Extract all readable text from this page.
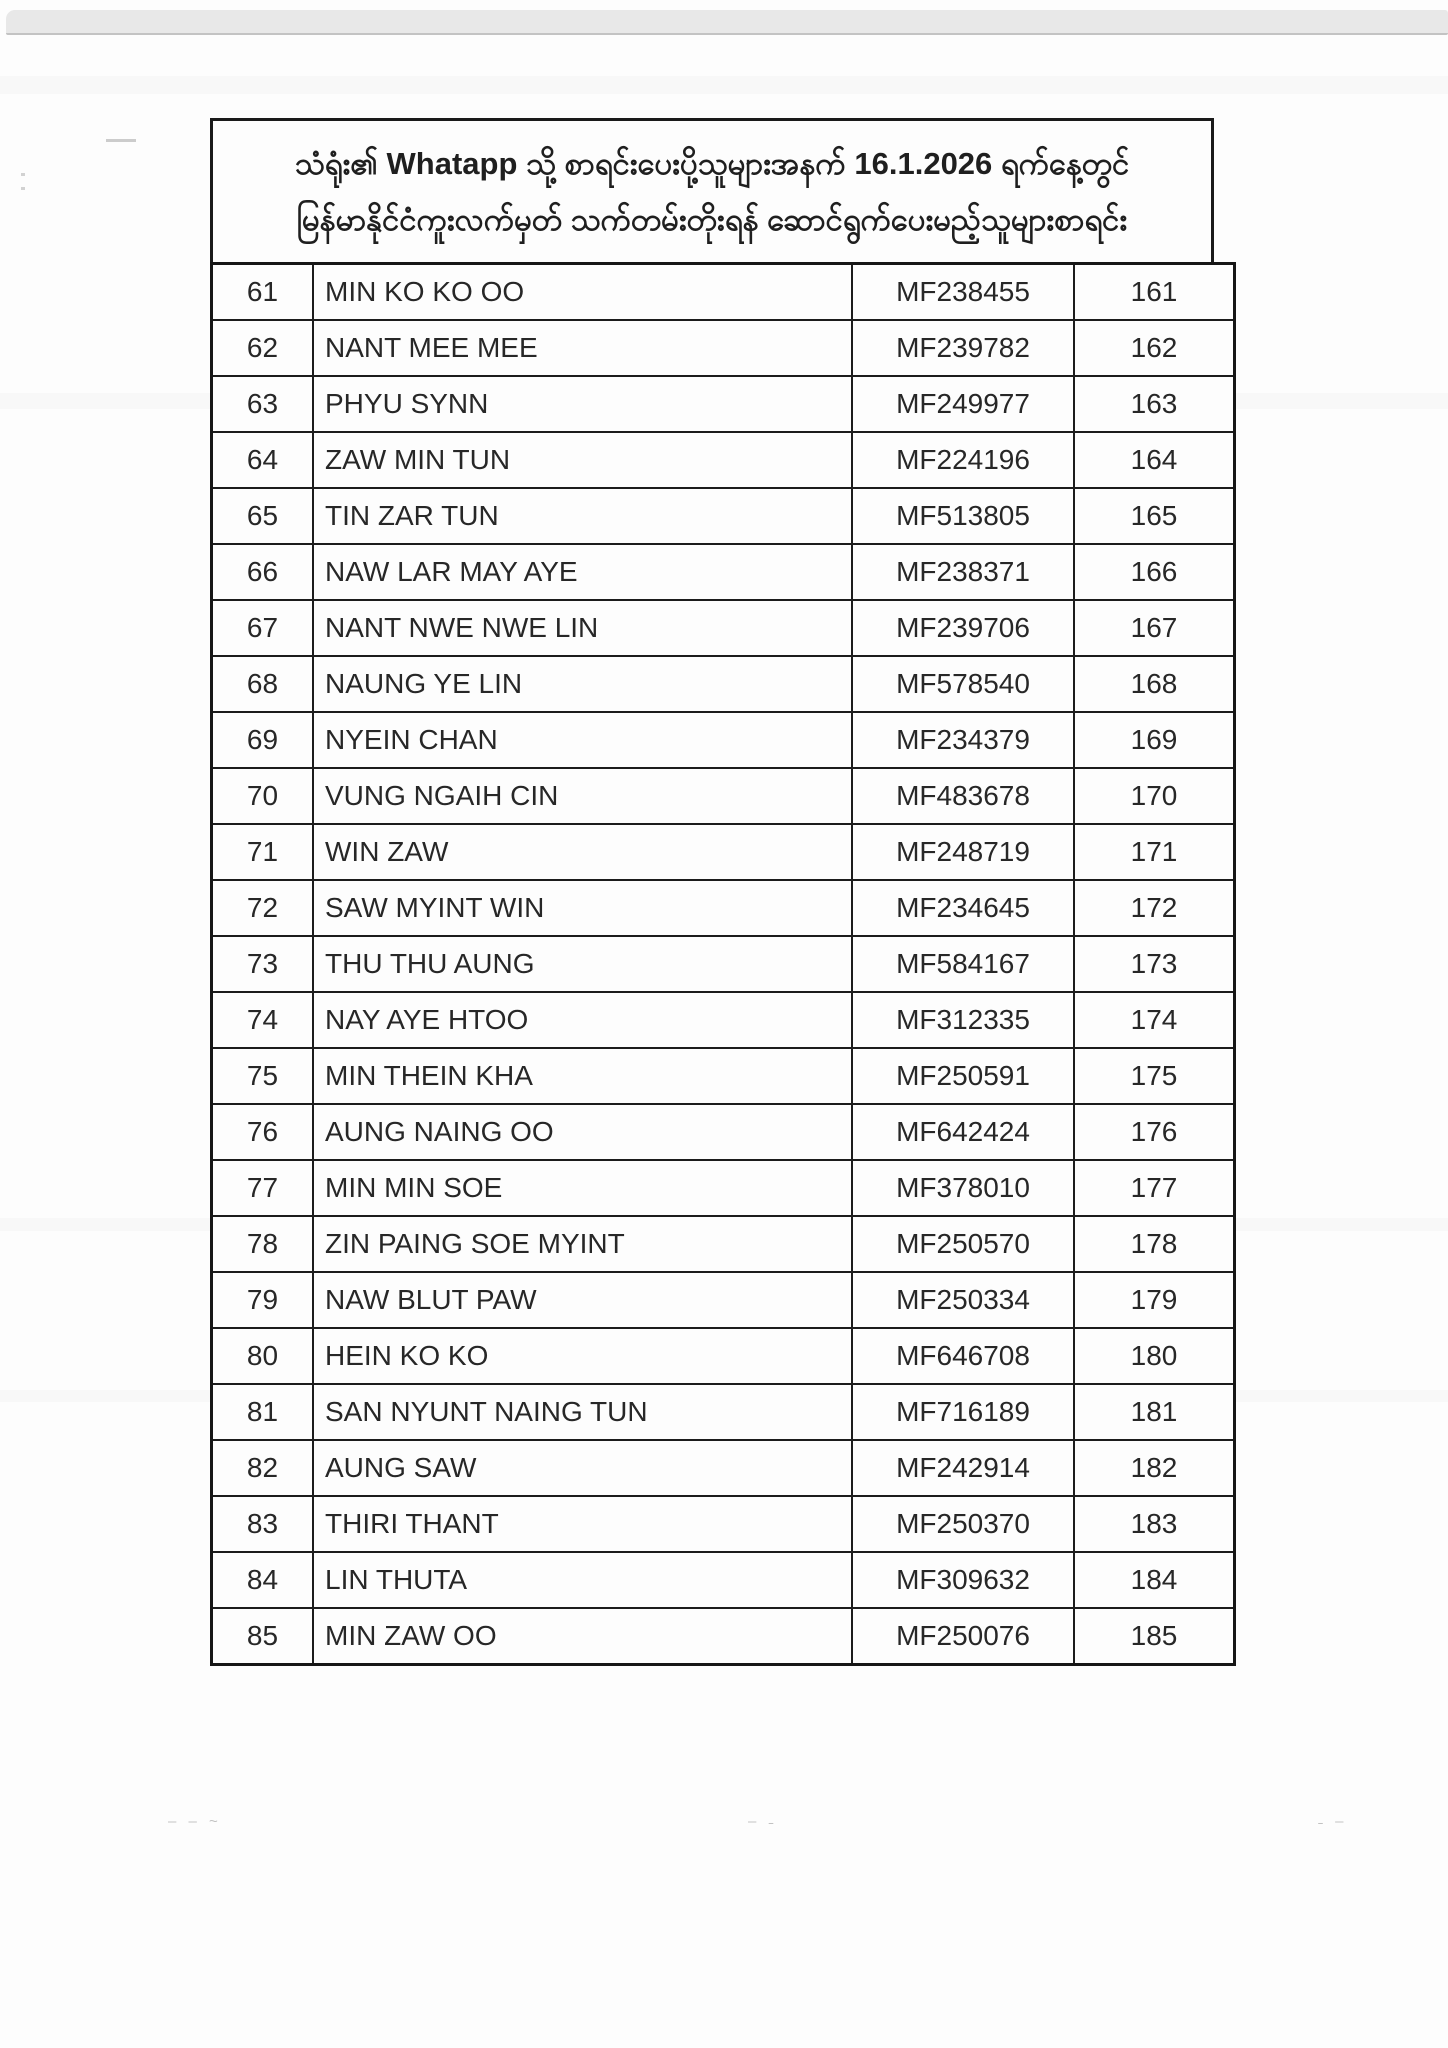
သံရုံး၏ Whatapp သို့ စာရင်းပေးပို့သူများအနက် 16.1.2026 ရက်နေ့တွင်
မြန်မာနိုင်ငံကူးလက်မှတ် သက်တမ်းတိုးရန် ဆောင်ရွက်ပေးမည့်သူများစာရင်း
61	MIN KO KO OO	MF238455	161
62	NANT MEE MEE	MF239782	162
63	PHYU SYNN	MF249977	163
64	ZAW MIN TUN	MF224196	164
65	TIN ZAR TUN	MF513805	165
66	NAW LAR MAY AYE	MF238371	166
67	NANT NWE NWE LIN	MF239706	167
68	NAUNG YE LIN	MF578540	168
69	NYEIN CHAN	MF234379	169
70	VUNG NGAIH CIN	MF483678	170
71	WIN ZAW	MF248719	171
72	SAW MYINT WIN	MF234645	172
73	THU THU AUNG	MF584167	173
74	NAY AYE HTOO	MF312335	174
75	MIN THEIN KHA	MF250591	175
76	AUNG NAING OO	MF642424	176
77	MIN MIN SOE	MF378010	177
78	ZIN PAING SOE MYINT	MF250570	178
79	NAW BLUT PAW	MF250334	179
80	HEIN KO KO	MF646708	180
81	SAN NYUNT NAING TUN	MF716189	181
82	AUNG SAW	MF242914	182
83	THIRI THANT	MF250370	183
84	LIN THUTA	MF309632	184
85	MIN ZAW OO	MF250076	185
‒ ‒ ~	‒ ˗	˗ ‒
